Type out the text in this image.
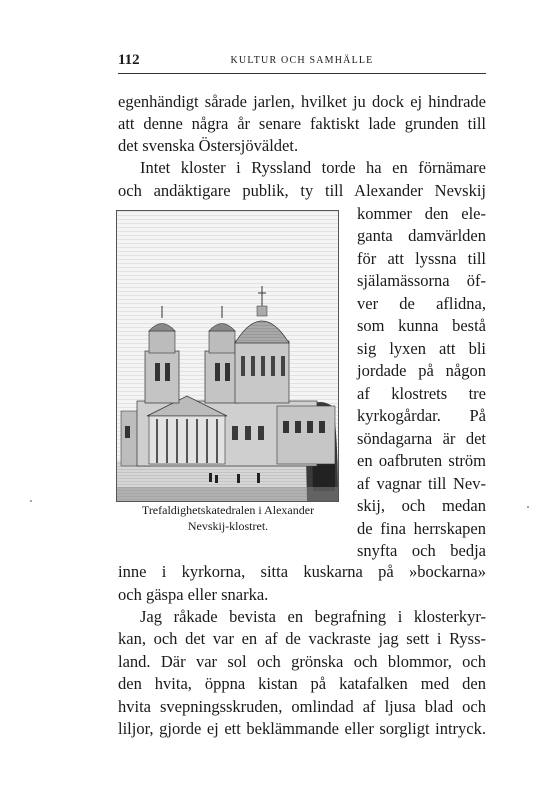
112	KULTUR OCH SAMHÄLLE
egenhändigt sårade jarlen, hvilket ju dock ej hindrade
att denne några år senare faktiskt lade grunden till
det svenska Östersjöväldet.
Intet kloster i Ryssland torde ha en förnämare
och andäktigare publik, ty till Alexander Nevskij
kommer den ele-
ganta damvärlden
för att lyssna till
själamässorna öf-
ver de aflidna,
som kunna bestå
sig lyxen att bli
jordade på någon
af klostrets tre
kyrkogårdar. På
söndagarna är det
en oafbruten ström
af vagnar till Nev-
skij, och medan
de fina herrskapen
snyfta och bedja
Trefaldighetskatedralen i Alexander
Nevskij-klostret.
inne i kyrkorna, sitta kuskarna på »bockarna»
och gäspa eller snarka.
Jag råkade bevista en begrafning i klosterkyr-
kan, och det var en af de vackraste jag sett i Ryss-
land. Där var sol och grönska och blommor, och
den hvita, öppna kistan på katafalken med den
hvita svepningsskruden, omlindad af ljusa blad och
liljor, gjorde ej ett beklämmande eller sorgligt intryck.
